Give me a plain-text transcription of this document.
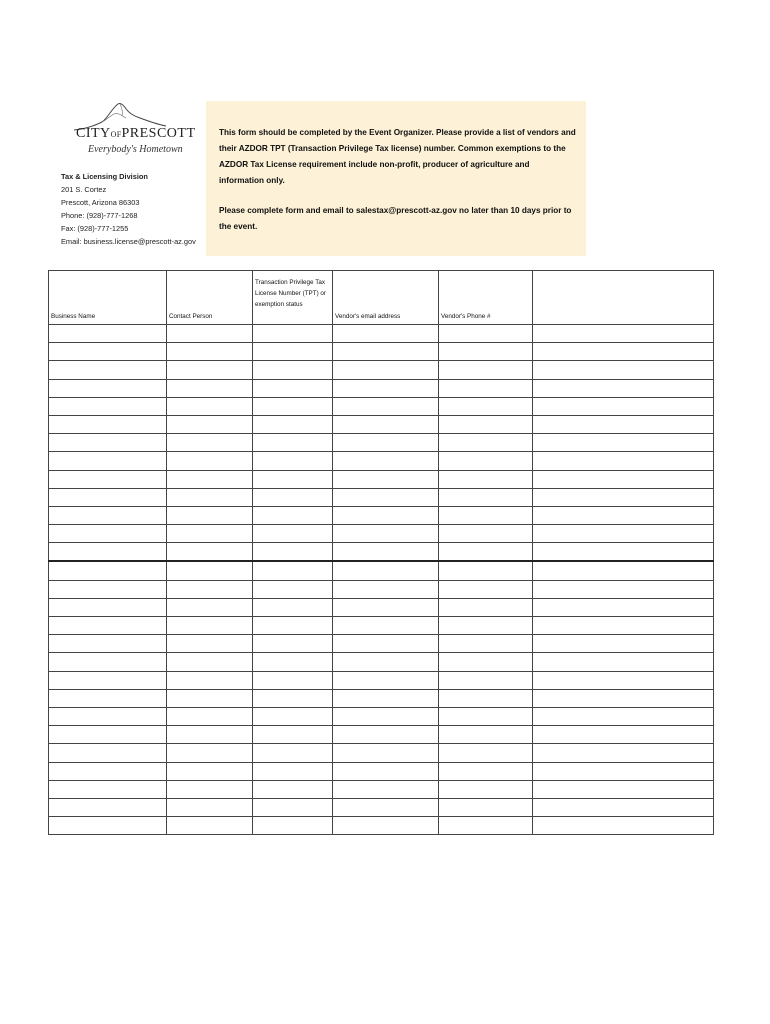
CITYOFPRESCOTT
Everybody's Hometown
Tax & Licensing Division
201 S. Cortez
Prescott, Arizona 86303
Phone: (928)-777-1268
Fax: (928)-777-1255
Email: business.license@prescott-az.gov

This form should be completed by the Event Organizer. Please provide a list of vendors and their AZDOR TPT (Transaction Privilege Tax license) number. Common exemptions to the AZDOR Tax License requirement include non-profit, producer of agriculture and information only.

Please complete form and email to salestax@prescott-az.gov no later than 10 days prior to the event.

Business Name	Contact Person	Transaction Privilege Tax License Number (TPT) or exemption status	Vendor's email address	Vendor's Phone #	
